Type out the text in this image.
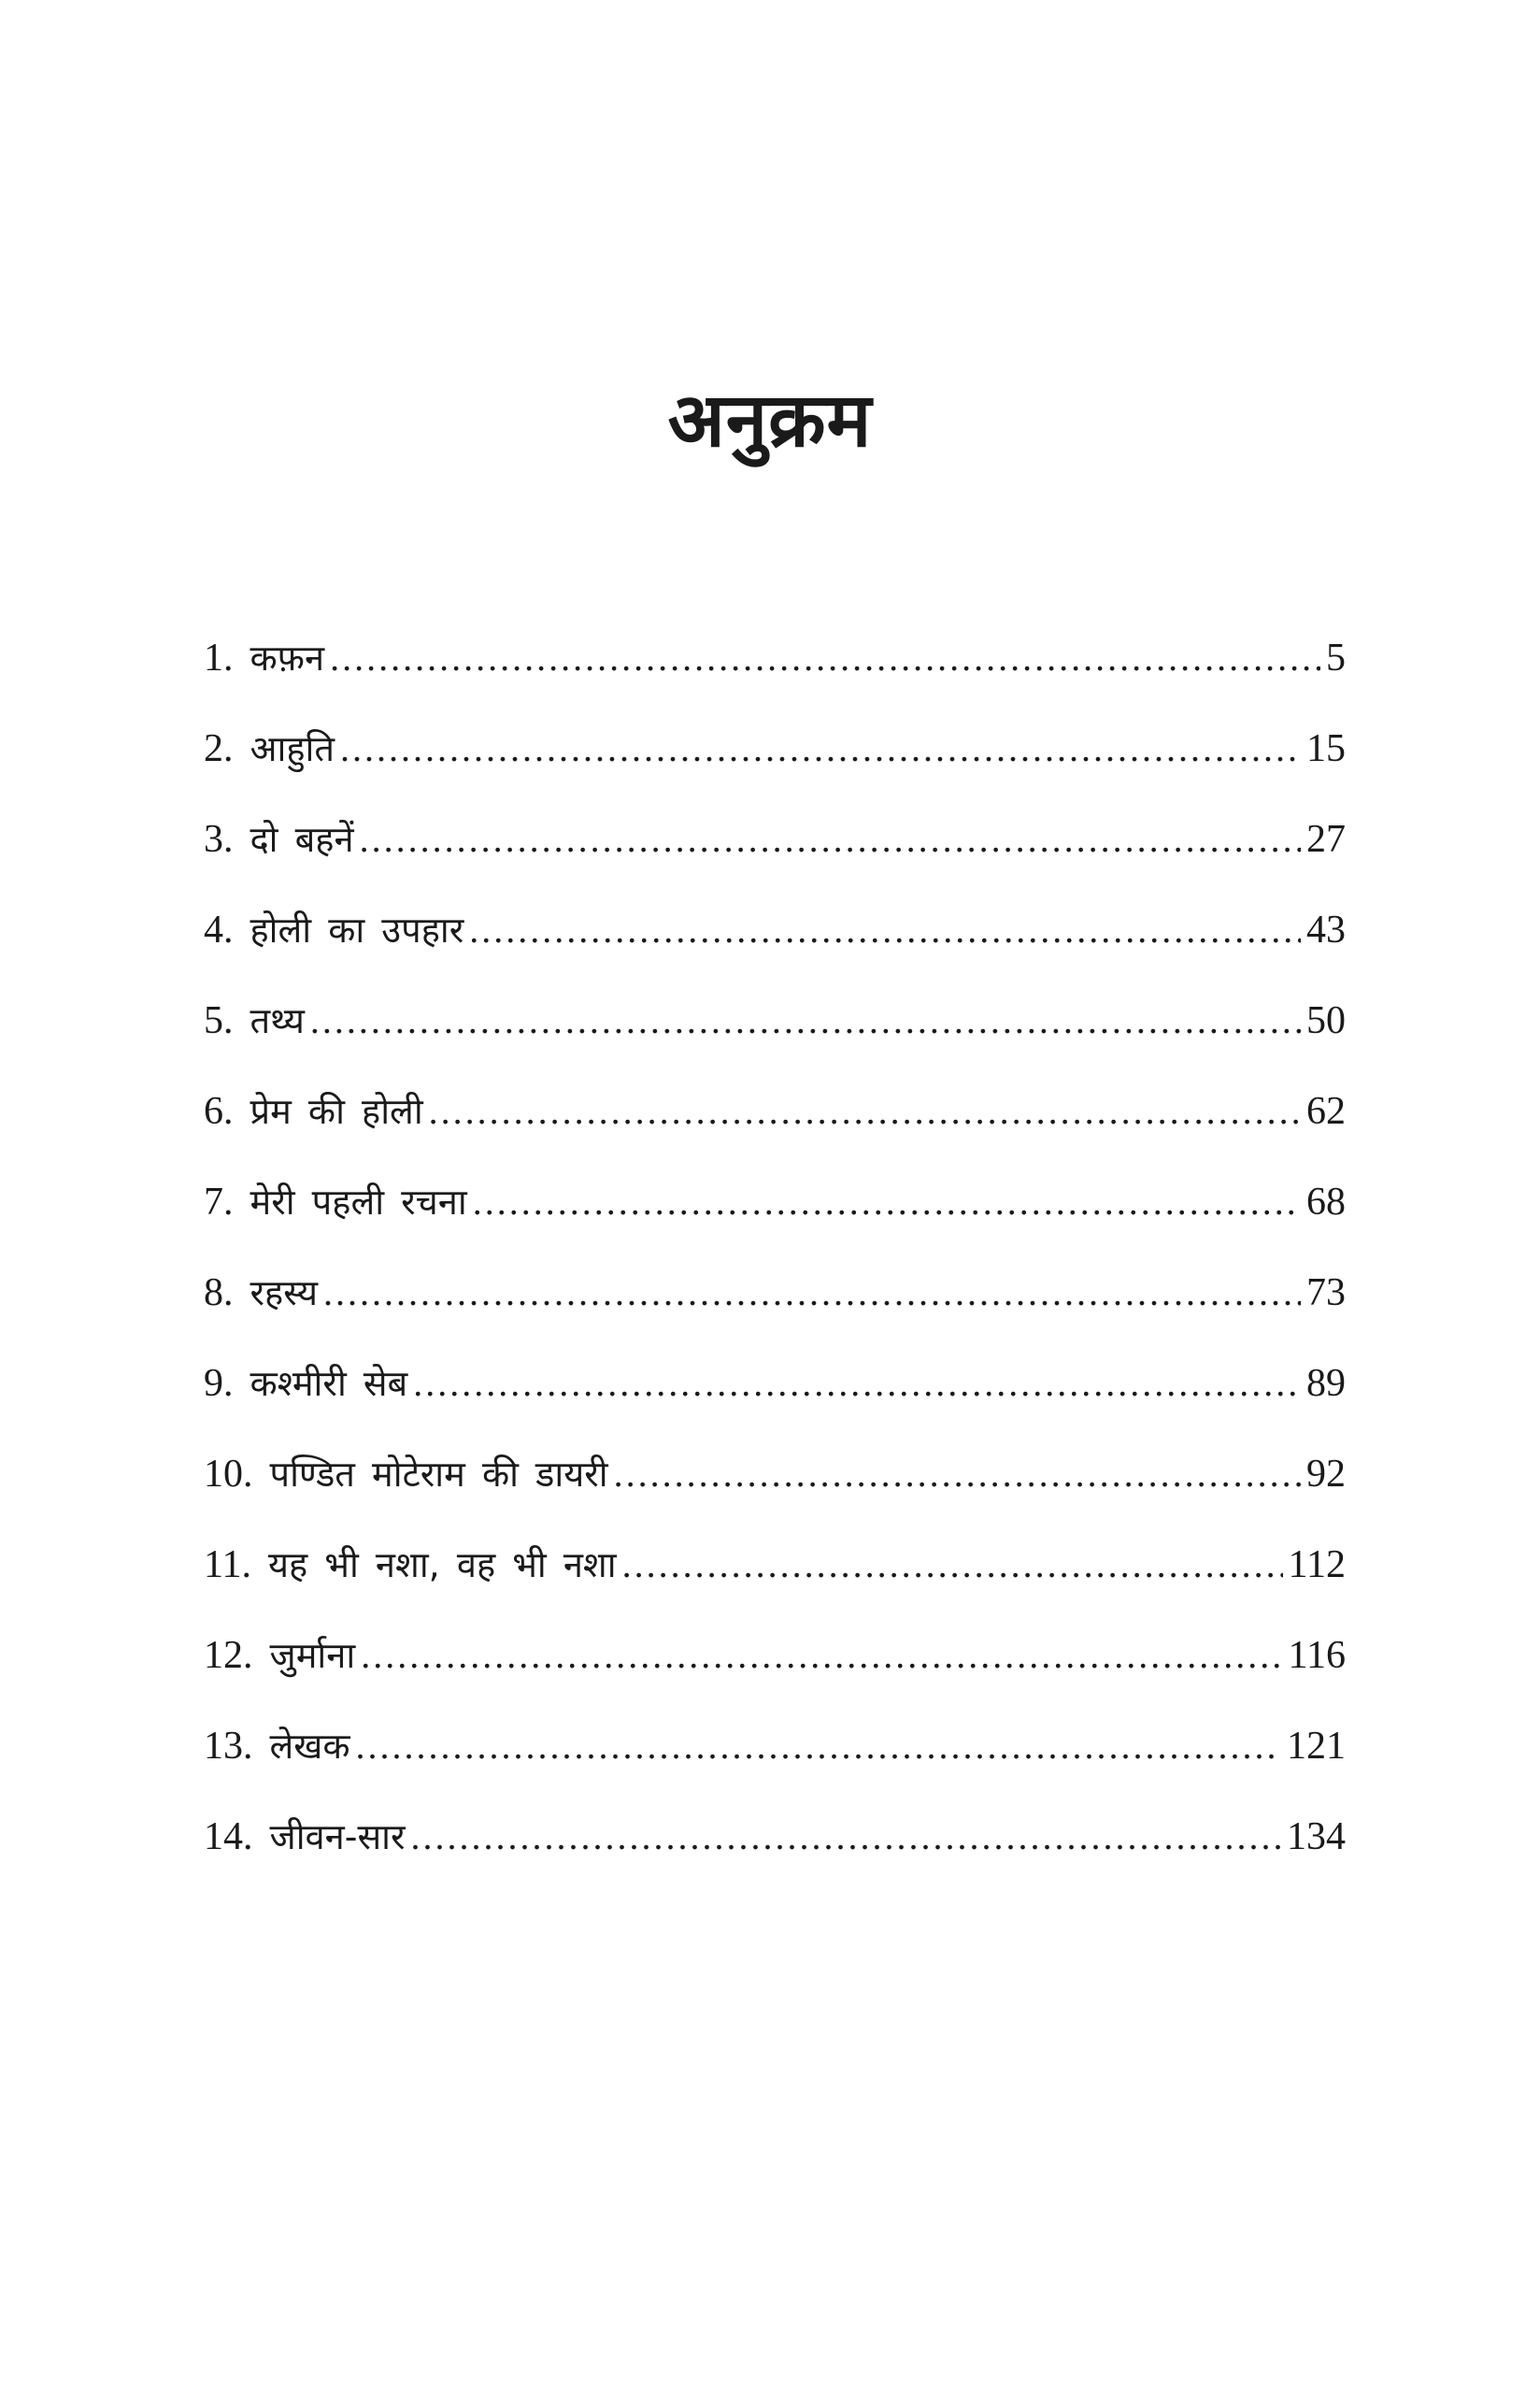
अनुक्रम
1. कफ़न .....	5
2. आहुति .....	15
3. दो बहनें .....	27
4. होली का उपहार .....	43
5. तथ्य .....	50
6. प्रेम की होली .....	62
7. मेरी पहली रचना .....	68
8. रहस्य .....	73
9. कश्मीरी सेब .....	89
10. पण्डित मोटेराम की डायरी .....	92
11. यह भी नशा, वह भी नशा .....	112
12. जुर्माना .....	116
13. लेखक .....	121
14. जीवन-सार .....	134
